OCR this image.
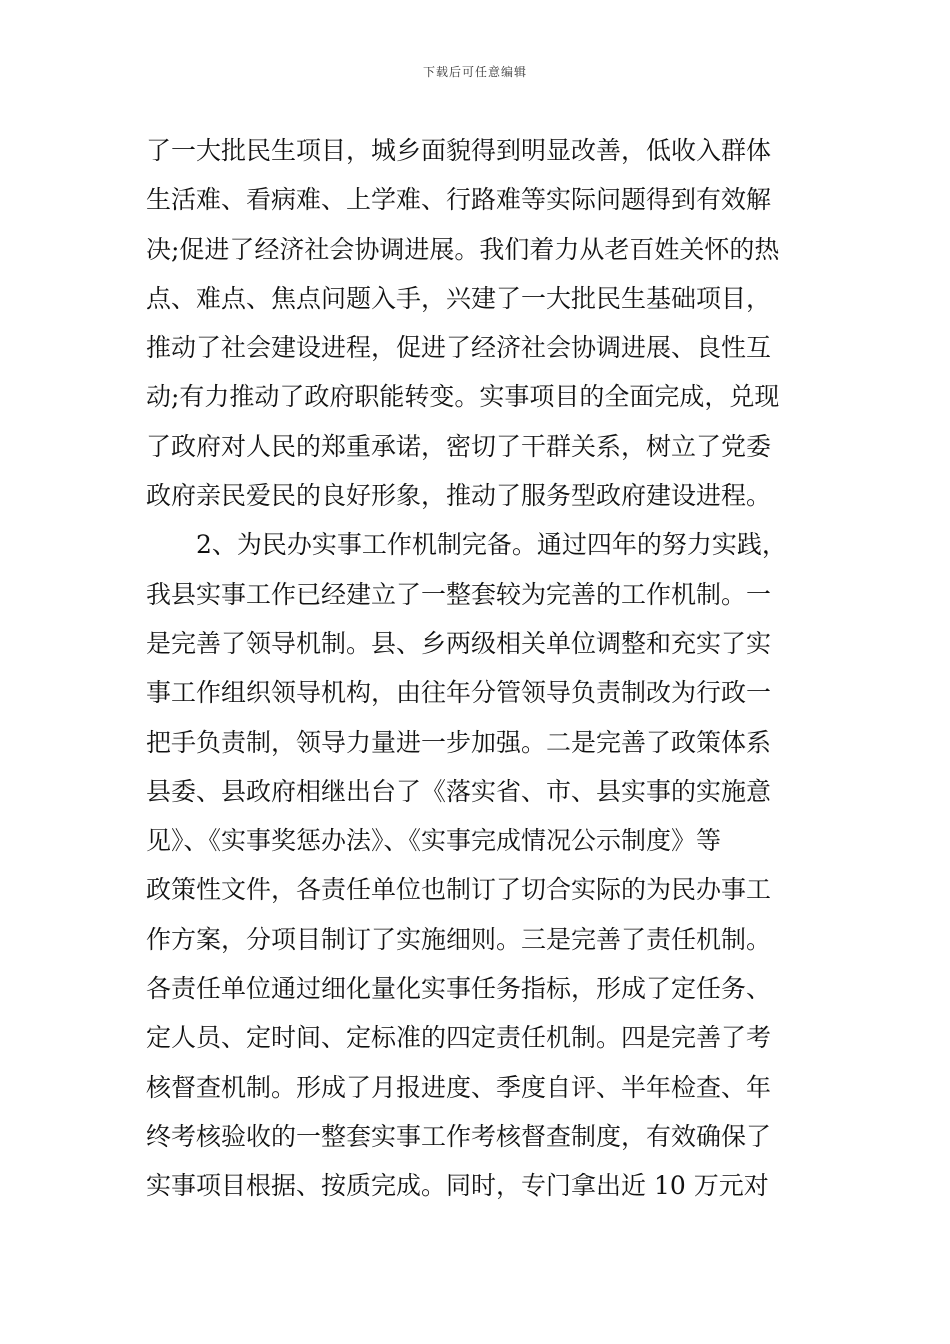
下载后可任意编辑
了一大批民生项目，城乡面貌得到明显改善，低收入群体
生活难、看病难、上学难、行路难等实际问题得到有效解
决;促进了经济社会协调进展。我们着力从老百姓关怀的热
点、难点、焦点问题入手，兴建了一大批民生基础项目，
推动了社会建设进程，促进了经济社会协调进展、良性互
动;有力推动了政府职能转变。实事项目的全面完成，兑现
了政府对人民的郑重承诺，密切了干群关系，树立了党委
政府亲民爱民的良好形象，推动了服务型政府建设进程。
　　2、为民办实事工作机制完备。通过四年的努力实践，
我县实事工作已经建立了一整套较为完善的工作机制。一
是完善了领导机制。县、乡两级相关单位调整和充实了实
事工作组织领导机构，由往年分管领导负责制改为行政一
把手负责制，领导力量进一步加强。二是完善了政策体系
县委、县政府相继出台了《落实省、市、县实事的实施意
见》、《实事奖惩办法》、《实事完成情况公示制度》等
政策性文件，各责任单位也制订了切合实际的为民办事工
作方案，分项目制订了实施细则。三是完善了责任机制。
各责任单位通过细化量化实事任务指标，形成了定任务、
定人员、定时间、定标准的四定责任机制。四是完善了考
核督查机制。形成了月报进度、季度自评、半年检查、年
终考核验收的一整套实事工作考核督查制度，有效确保了
实事项目根据、按质完成。同时，专门拿出近 10 万元对
